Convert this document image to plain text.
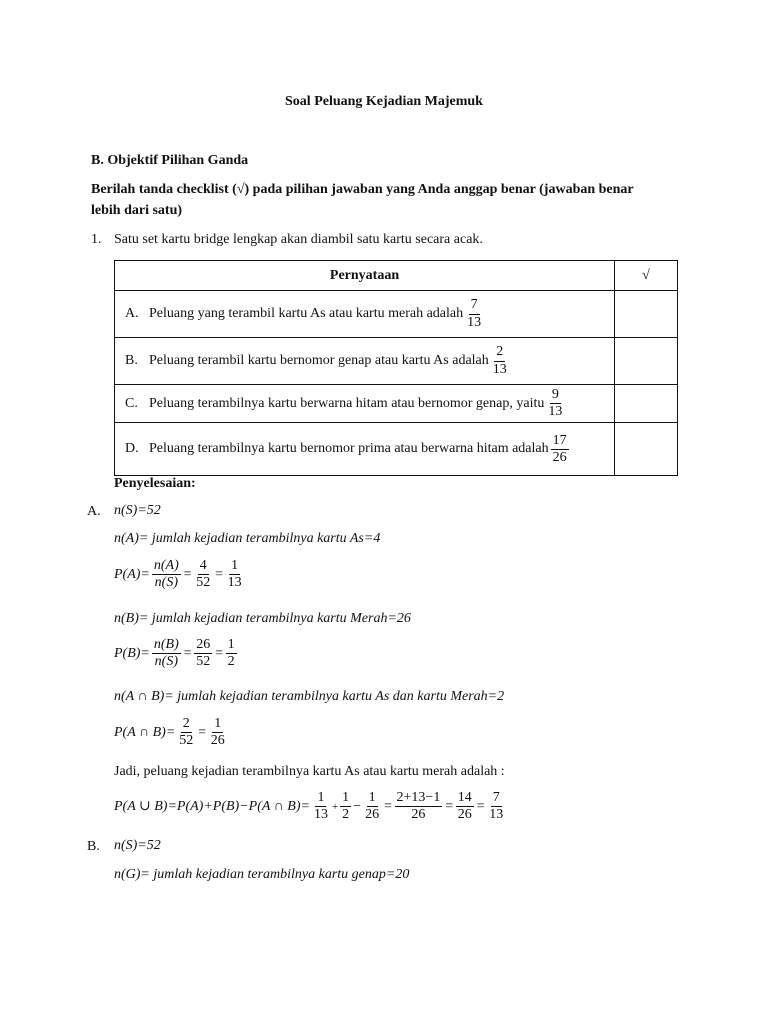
Soal Peluang Kejadian Majemuk
B. Objektif Pilihan Ganda
Berilah tanda checklist (√) pada pilihan jawaban yang Anda anggap benar (jawaban benar
lebih dari satu)
1. Satu set kartu bridge lengkap akan diambil satu kartu secara acak.
Pernyataan	√

A. Peluang yang terambil kartu As atau kartu merah adalah $\frac{7}{13}$

B. Peluang terambil kartu bernomor genap atau kartu As adalah $\frac{2}{13}$

C. Peluang terambilnya kartu berwarna hitam atau bernomor genap, yaitu $\frac{9}{13}$

D. Peluang terambilnya kartu bernomor prima atau berwarna hitam adalah $\frac{17}{26}$

Penyelesaian:
A. n(S)=52
n(A)= jumlah kejadian terambilnya kartu As=4
$P(A)= \frac{n(A)}{n(S)} = \frac{4}{52} = \frac{1}{13}$
n(B)= jumlah kejadian terambilnya kartu Merah=26
$P(B)= \frac{n(B)}{n(S)} = \frac{26}{52} = \frac{1}{2}$
n(A ∩ B)= jumlah kejadian terambilnya kartu As dan kartu Merah=2
P(A ∩ $B)= \frac{2}{52} = \frac{1}{26}$
Jadi, peluang kejadian terambilnya kartu As atau kartu merah adalah :
P(A ∪ B)=P(A)+P(B)−P(A ∩ $B)= \frac{1}{13} + \frac{1}{2} - \frac{1}{26} = \frac{2+13-1}{26} = \frac{14}{26} = \frac{7}{13}$
B. n(S)=52
n(G)= jumlah kejadian terambilnya kartu genap=20
